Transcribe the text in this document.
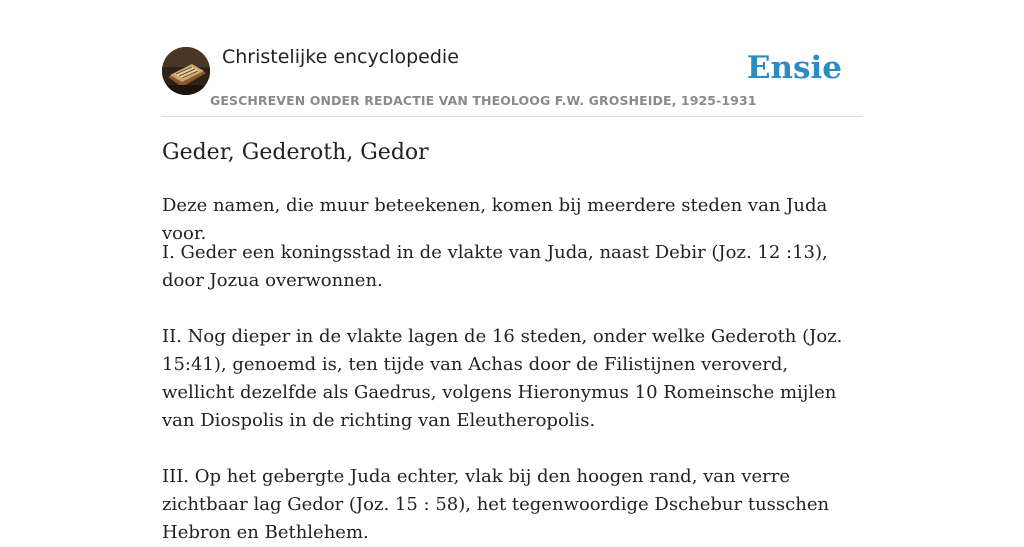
Christelijke encyclopedie
GESCHREVEN ONDER REDACTIE VAN THEOLOOG F.W. GROSHEIDE, 1925-1931
Ensie
Geder, Gederoth, Gedor

Deze namen, die muur beteekenen, komen bij meerdere steden van Juda voor.

I. Geder een koningsstad in de vlakte van Juda, naast Debir (Joz. 12 :13), door Jozua overwonnen.

II. Nog dieper in de vlakte lagen de 16 steden, onder welke Gederoth (Joz. 15:41), genoemd is, ten tijde van Achas door de Filistijnen veroverd, wellicht dezelfde als Gaedrus, volgens Hieronymus 10 Romeinsche mijlen van Diospolis in de richting van Eleutheropolis.

III. Op het gebergte Juda echter, vlak bij den hoogen rand, van verre zichtbaar lag Gedor (Joz. 15 : 58), het tegenwoordige Dschebur tusschen Hebron en Bethlehem.
